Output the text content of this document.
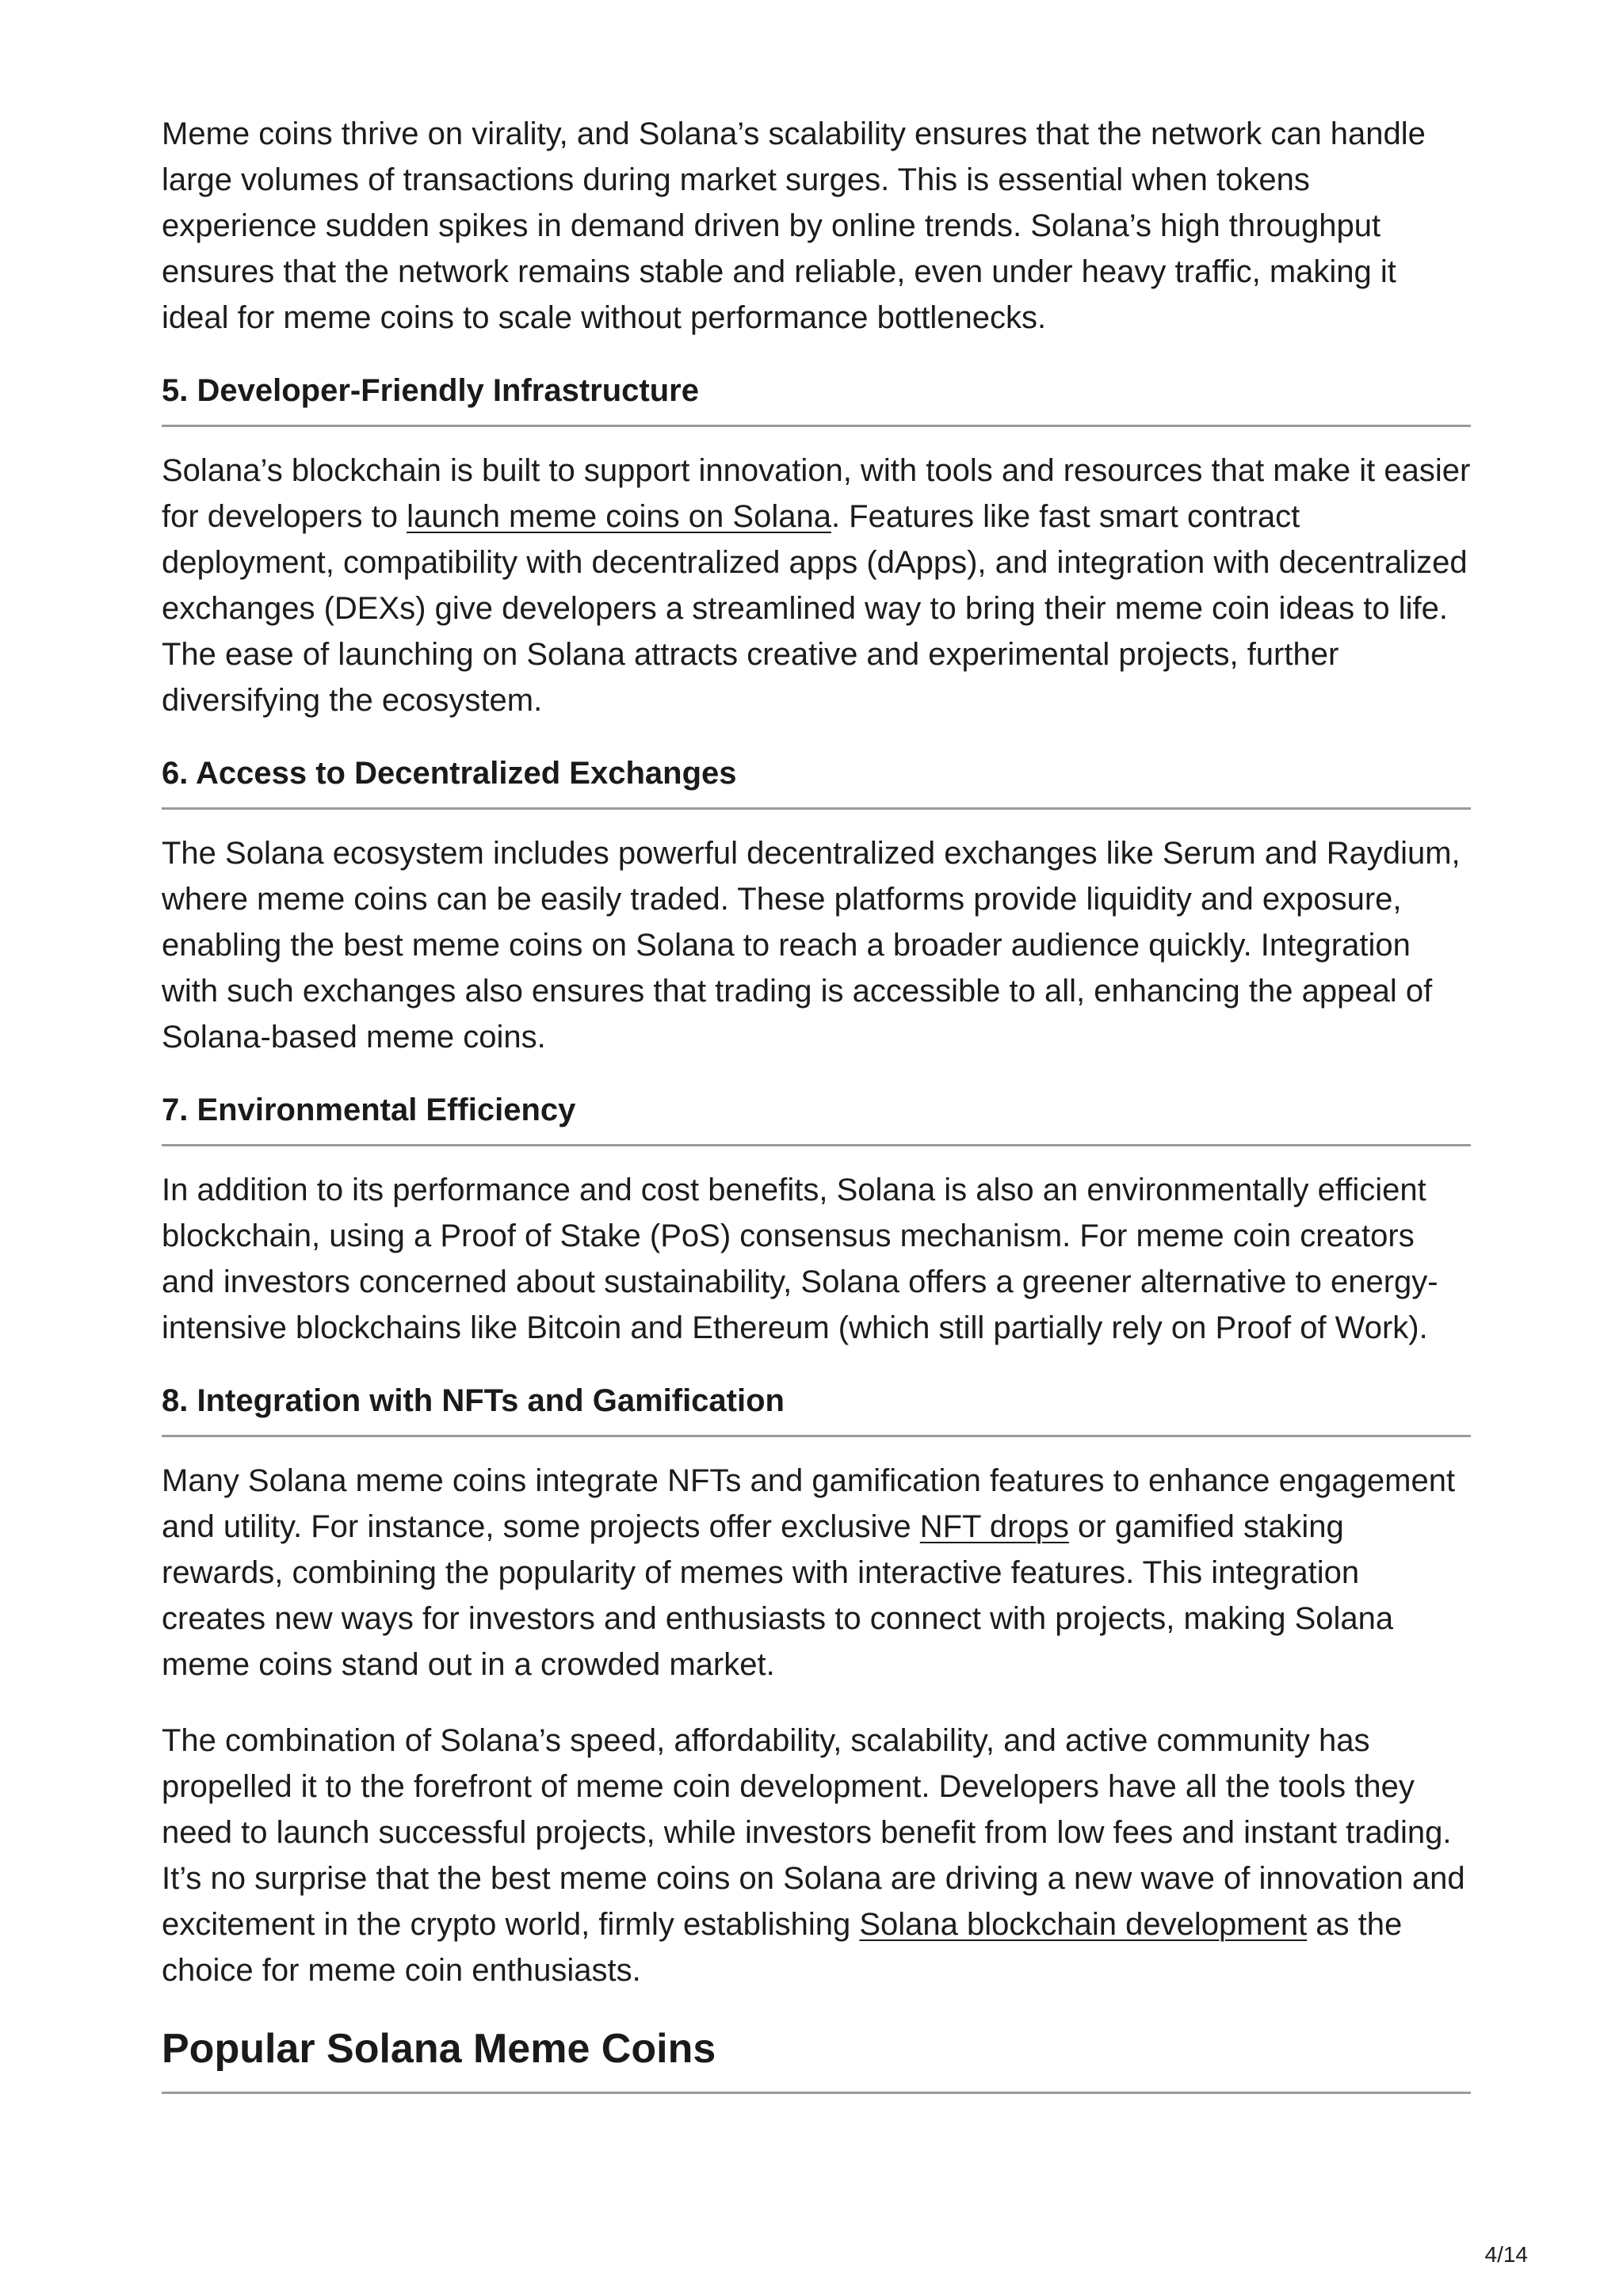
Meme coins thrive on virality, and Solana’s scalability ensures that the network can handle large volumes of transactions during market surges. This is essential when tokens experience sudden spikes in demand driven by online trends. Solana’s high throughput ensures that the network remains stable and reliable, even under heavy traffic, making it ideal for meme coins to scale without performance bottlenecks.

5. Developer-Friendly Infrastructure

Solana’s blockchain is built to support innovation, with tools and resources that make it easier for developers to launch meme coins on Solana. Features like fast smart contract deployment, compatibility with decentralized apps (dApps), and integration with decentralized exchanges (DEXs) give developers a streamlined way to bring their meme coin ideas to life. The ease of launching on Solana attracts creative and experimental projects, further diversifying the ecosystem.

6. Access to Decentralized Exchanges

The Solana ecosystem includes powerful decentralized exchanges like Serum and Raydium, where meme coins can be easily traded. These platforms provide liquidity and exposure, enabling the best meme coins on Solana to reach a broader audience quickly. Integration with such exchanges also ensures that trading is accessible to all, enhancing the appeal of Solana-based meme coins.

7. Environmental Efficiency

In addition to its performance and cost benefits, Solana is also an environmentally efficient blockchain, using a Proof of Stake (PoS) consensus mechanism. For meme coin creators and investors concerned about sustainability, Solana offers a greener alternative to energy-intensive blockchains like Bitcoin and Ethereum (which still partially rely on Proof of Work).

8. Integration with NFTs and Gamification

Many Solana meme coins integrate NFTs and gamification features to enhance engagement and utility. For instance, some projects offer exclusive NFT drops or gamified staking rewards, combining the popularity of memes with interactive features. This integration creates new ways for investors and enthusiasts to connect with projects, making Solana meme coins stand out in a crowded market.

The combination of Solana’s speed, affordability, scalability, and active community has propelled it to the forefront of meme coin development. Developers have all the tools they need to launch successful projects, while investors benefit from low fees and instant trading. It’s no surprise that the best meme coins on Solana are driving a new wave of innovation and excitement in the crypto world, firmly establishing Solana blockchain development as the choice for meme coin enthusiasts.

Popular Solana Meme Coins
4/14
